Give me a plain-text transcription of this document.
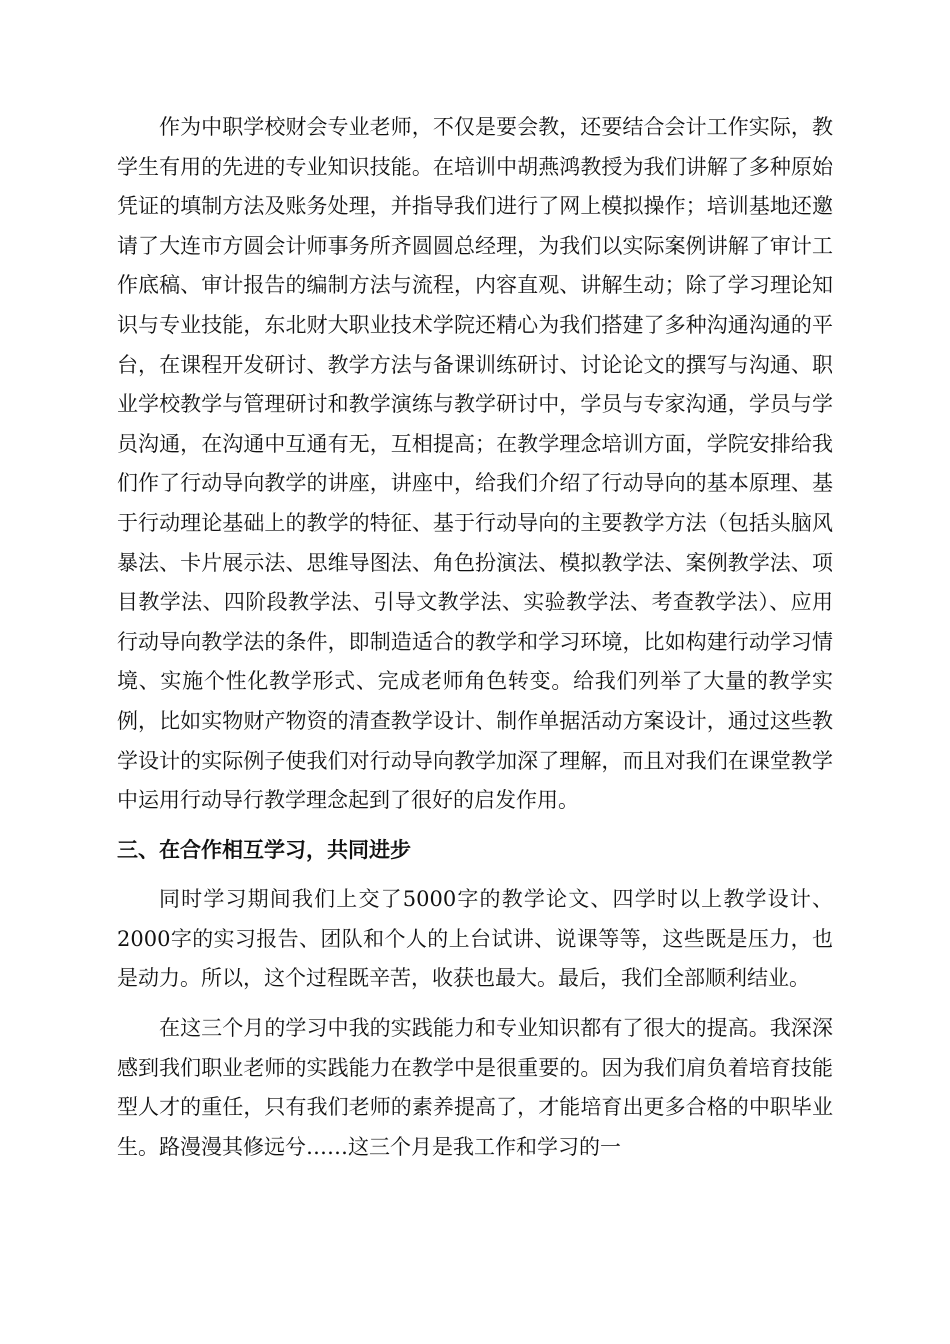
作为中职学校财会专业老师，不仅是要会教，还要结合会计工作实际，教学生有用的先进的专业知识技能。在培训中胡燕鸿教授为我们讲解了多种原始凭证的填制方法及账务处理，并指导我们进行了网上模拟操作；培训基地还邀请了大连市方圆会计师事务所齐圆圆总经理，为我们以实际案例讲解了审计工作底稿、审计报告的编制方法与流程，内容直观、讲解生动；除了学习理论知识与专业技能，东北财大职业技术学院还精心为我们搭建了多种沟通沟通的平台，在课程开发研讨、教学方法与备课训练研讨、讨论论文的撰写与沟通、职业学校教学与管理研讨和教学演练与教学研讨中，学员与专家沟通，学员与学员沟通，在沟通中互通有无，互相提高；在教学理念培训方面，学院安排给我们作了行动导向教学的讲座，讲座中，给我们介绍了行动导向的基本原理、基于行动理论基础上的教学的特征、基于行动导向的主要教学方法（包括头脑风暴法、卡片展示法、思维导图法、角色扮演法、模拟教学法、案例教学法、项目教学法、四阶段教学法、引导文教学法、实验教学法、考查教学法）、应用行动导向教学法的条件，即制造适合的教学和学习环境，比如构建行动学习情境、实施个性化教学形式、完成老师角色转变。给我们列举了大量的教学实例，比如实物财产物资的清查教学设计、制作单据活动方案设计，通过这些教学设计的实际例子使我们对行动导向教学加深了理解，而且对我们在课堂教学中运用行动导行教学理念起到了很好的启发作用。

三、在合作相互学习，共同进步

同时学习期间我们上交了5000字的教学论文、四学时以上教学设计、2000字的实习报告、团队和个人的上台试讲、说课等等，这些既是压力，也是动力。所以，这个过程既辛苦，收获也最大。最后，我们全部顺利结业。

在这三个月的学习中我的实践能力和专业知识都有了很大的提高。我深深感到我们职业老师的实践能力在教学中是很重要的。因为我们肩负着培育技能型人才的重任，只有我们老师的素养提高了，才能培育出更多合格的中职毕业生。路漫漫其修远兮……这三个月是我工作和学习的一
